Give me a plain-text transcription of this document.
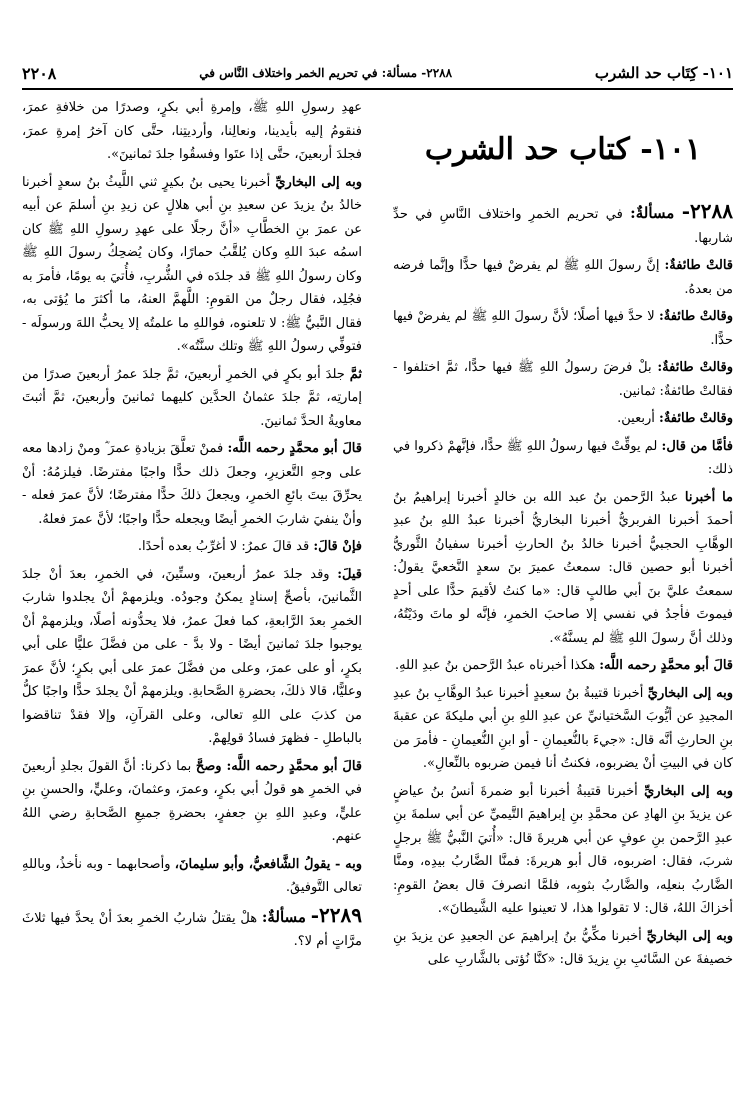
١٠١- كِتَاب حد الشرب
٢٢٨٨- مسألة: في تحريم الخمر واختلاف النَّاس في
٢٢٠٨
١٠١- كتاب حد الشرب

٢٢٨٨- مسألةٌ: في تحريم الخمرِ واختلاف النَّاسِ في حدِّ شاربها.

قالتْ طائفةٌ: إنَّ رسولَ اللهِ ﷺ لم يفرضْ فيها حدًّا وإنَّما فرضه من بعدهُ.

وقالتْ طائفةٌ: لا حدَّ فيها أصلًا؛ لأنَّ رسولَ اللهِ ﷺ لم يفرضْ فيها حدًّا.

وقالتْ طائفةٌ: بلْ فرضَ رسولُ اللهِ ﷺ فيها حدًّا، ثمَّ اختلفوا - فقالتْ طائفةٌ: ثمانين.

وقالتْ طائفةٌ: أربعين.

فأمَّا من قال: لم يوقِّتْ فيها رسولُ اللهِ ﷺ حدًّا، فإنَّهمْ ذكروا في ذلك:

ما أخبرنا عبدُ الرَّحمن بنُ عبد الله بن خالدٍ أخبرنا إبراهيمُ بنُ أحمدَ أخبرنا الفربريُّ أخبرنا البخاريُّ أخبرنا عبدُ اللهِ بنُ عبدِ الوهَّابِ الحجبيُّ أخبرنا خالدُ بنُ الحارثِ أخبرنا سفيانُ الثَّوريُّ أخبرنا أبو حصين قال: سمعتُ عميرَ بنَ سعدٍ النَّخعيَّ يقولُ: سمعتُ عليَّ بنَ أبي طالبٍ قال: «ما كنتُ لأقيمَ حدًّا على أحدٍ فيموتَ فأجدُ في نفسي إلا صاحبَ الخمرِ، فإنَّه لو ماتَ ودَيْتُهُ، وذلك أنَّ رسولَ اللهِ ﷺ لم يسنَّهُ».

قالَ أبو محمَّدٍ رحمه اللَّه: هكذا أخبرناه عبدُ الرَّحمن بنُ عبدِ اللهِ.

وبه إلى البخاريِّ أخبرنا قتيبةُ بنُ سعيدٍ أخبرنا عبدُ الوهَّابِ بنُ عبدِ المجيدِ عن أيُّوبَ السَّختيانيِّ عن عبدِ اللهِ بنِ أبي مليكةَ عن عقبةَ بنِ الحارثِ أنَّه قال: «جيءَ بالنُّعيمانِ - أو ابنِ النُّعيمانِ - فأمرَ من كان في البيتِ أنْ يضربوه، فكنتُ أنا فيمن ضربوه بالنِّعالِ».

وبه إلى البخاريِّ أخبرنا قتيبةُ أخبرنا أبو ضمرةَ أنسُ بنُ عياضٍ عن يزيدَ بنِ الهادِ عن محمَّدِ بنِ إبراهيمَ التَّيميِّ عن أبي سلمةَ بنِ عبدِ الرَّحمن بنِ عوفٍ عن أبي هريرةَ قال: «أُتيَ النَّبيُّ ﷺ برجلٍ شربَ، فقال: اضربوه، قال أبو هريرةَ: فمنَّا الضَّاربُ بيدِه، ومنَّا الضَّاربُ بنعلِه، والضَّاربُ بثوبِه، فلمَّا انصرفَ قال بعضُ القومِ: أخزاكَ اللهُ، قال: لا تقولوا هذا، لا تعينوا عليه الشَّيطانَ».

وبه إلى البخاريِّ أخبرنا مكِّيُّ بنُ إبراهيمَ عن الجعيدِ عن يزيدَ بنِ خصيفةَ عن السَّائبِ بنِ يزيدَ قال: «كنَّا نُؤتى بالشَّاربِ على

عهدِ رسولِ اللهِ ﷺ، وإمرةِ أبي بكرٍ، وصدرًا من خلافةِ عمرَ، فنقومُ إليه بأيدينا، ونعالِنا، وأرديتِنا، حتَّى كان آخرُ إمرةِ عمرَ، فجلدَ أربعينَ، حتَّى إذا عتَوا وفسقُوا جلدَ ثمانينَ».

وبه إلى البخاريِّ أخبرنا يحيى بنُ بكيرٍ ثني اللَّيثُ بنُ سعدٍ أخبرنا خالدُ بنُ يزيدَ عن سعيدِ بنِ أبي هلالٍ عن زيدِ بنِ أسلمَ عن أبيه عن عمرَ بنِ الخطَّابِ «أنَّ رجلًا على عهدِ رسولِ اللهِ ﷺ كان اسمُه عبدَ اللهِ وكان يُلقَّبُ حمارًا، وكان يُضحِكُ رسولَ اللهِ ﷺ وكان رسولُ اللهِ ﷺ قد جلدَه في الشُّربِ، فأُتيَ به يومًا، فأمرَ به فجُلِد، فقال رجلٌ من القومِ: اللَّهمَّ العنهُ، ما أكثرَ ما يُؤتى به، فقال النَّبيُّ ﷺ: لا تلعنوه، فواللهِ ما علمتُه إلا يحبُّ اللهَ ورسولَه - فتوفِّي رسولُ اللهِ ﷺ وتلك سنَّتُه».

ثمَّ جلدَ أبو بكرٍ في الخمرِ أربعينَ، ثمَّ جلدَ عمرُ أربعينَ صدرًا من إمارتِه، ثمَّ جلدَ عثمانُ الحدَّين كليهما ثمانينَ وأربعينَ، ثمَّ أثبتَ معاويةُ الحدَّ ثمانينَ.

قالَ أبو محمَّدٍ رحمه اللَّه: فمنْ تعلَّقَ بزيادةِ عمرَ ؓ ومنْ زادها معه على وجهِ التَّعزيرِ، وجعلَ ذلك حدًّا واجبًا مفترضًا. فيلزمُهُ: أنْ يحرِّقَ بيتَ بائعِ الخمرِ، ويجعلَ ذلكَ حدًّا مفترضًا؛ لأنَّ عمرَ فعله - وأنْ ينفيَ شاربَ الخمرِ أيضًا ويجعله حدًّا واجبًا؛ لأنَّ عمرَ فعلهُ.

فإنْ قالَ: قد قالَ عمرُ: لا أغرِّبُ بعده أحدًا.

قيلَ: وقد جلدَ عمرُ أربعينَ، وستِّينَ، في الخمرِ، بعدَ أنْ جلدَ الثَّمانينَ، بأصحِّ إسنادٍ يمكنُ وجودُه. ويلزمهمْ أنْ يجلدوا شاربَ الخمرِ بعدَ الرَّابعةِ، كما فعلَ عمرُ، فلا يحدُّونه أصلًا، ويلزمهمْ أنْ يوجبوا جلدَ ثمانينَ أيضًا - ولا بدَّ - على من فضَّلَ عليًّا على أبي بكرٍ، أو على عمرَ، وعلى من فضَّلَ عمرَ على أبي بكرٍ؛ لأنَّ عمرَ وعليًّا، قالا ذلكَ، بحضرةِ الصَّحابةِ. ويلزمهمْ أنْ يجلدَ حدًّا واجبًا كلُّ من كذبَ على اللهِ تعالى، وعلى القرآنِ، وإلا فقدْ تناقضوا بالباطلِ - فظهرَ فسادُ قولِهمْ.

قالَ أبو محمَّدٍ رحمه اللَّه: وصحَّ بما ذكرنا: أنَّ القولَ بجلدِ أربعينَ في الخمرِ هو قولُ أبي بكرٍ، وعمرَ، وعثمانَ، وعليٍّ، والحسنِ بنِ عليٍّ، وعبدِ اللهِ بنِ جعفرٍ، بحضرةِ جميعِ الصَّحابةِ رضي اللهُ عنهم.

وبه - يقولُ الشَّافعيُّ، وأبو سليمانَ، وأصحابهما - وبه نأخذُ، وباللهِ تعالى التَّوفيقُ.

٢٢٨٩- مسألةٌ: هلْ يقتلُ شاربُ الخمرِ بعدَ أنْ يحدَّ فيها ثلاثَ مرَّاتٍ أم لا؟.
